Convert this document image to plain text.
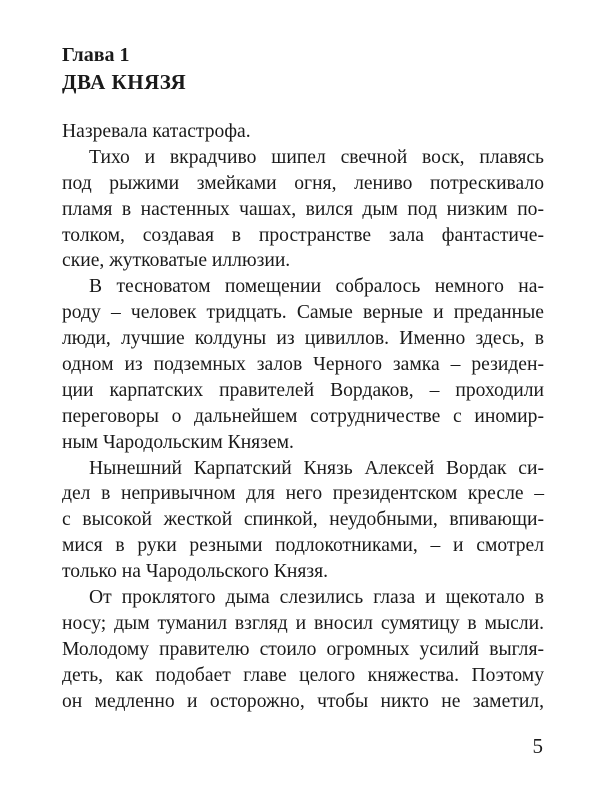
Глава 1

ДВА КНЯЗЯ

Назревала катастрофа.
Тихо и вкрадчиво шипел свечной воск, плавясь
под рыжими змейками огня, лениво потрескивало
пламя в настенных чашах, вился дым под низким по-
толком, создавая в пространстве зала фантастиче-
ские, жутковатые иллюзии.
В тесноватом помещении собралось немного на-
роду – человек тридцать. Самые верные и преданные
люди, лучшие колдуны из цивиллов. Именно здесь, в
одном из подземных залов Черного замка – резиден-
ции карпатских правителей Вордаков, – проходили
переговоры о дальнейшем сотрудничестве с иномир-
ным Чародольским Князем.
Нынешний Карпатский Князь Алексей Вордак си-
дел в непривычном для него президентском кресле –
с высокой жесткой спинкой, неудобными, впивающи-
мися в руки резными подлокотниками, – и смотрел
только на Чародольского Князя.
От проклятого дыма слезились глаза и щекотало в
носу; дым туманил взгляд и вносил сумятицу в мысли.
Молодому правителю стоило огромных усилий выгля-
деть, как подобает главе целого княжества. Поэтому
он медленно и осторожно, чтобы никто не заметил,
5
